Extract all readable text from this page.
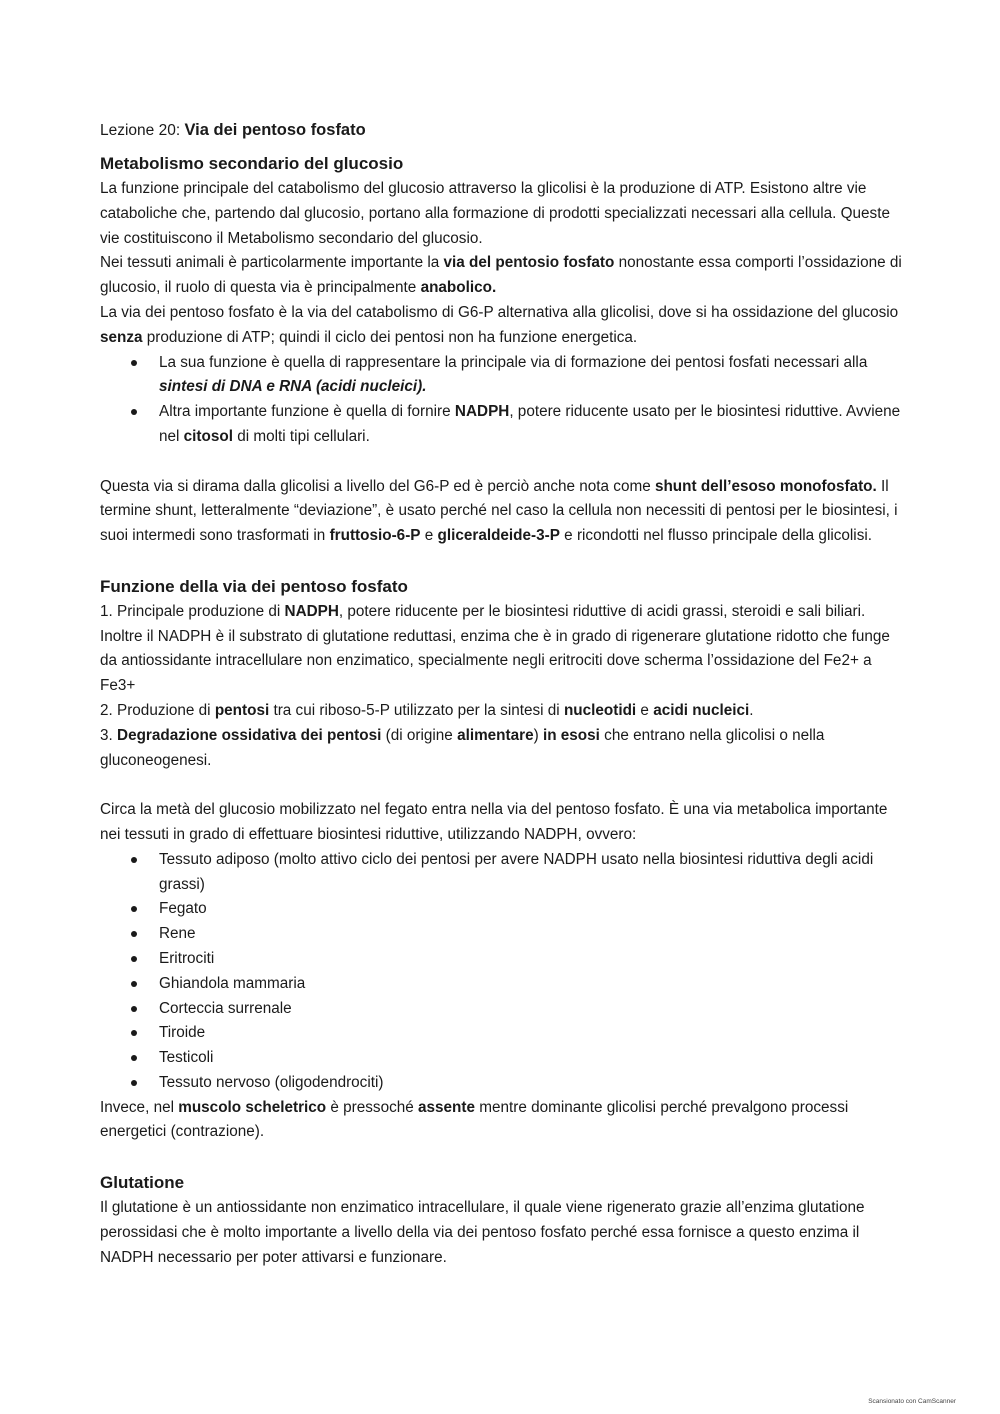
Lezione 20: Via dei pentoso fosfato
Metabolismo secondario del glucosio

La funzione principale del catabolismo del glucosio attraverso la glicolisi è la produzione di ATP. Esistono altre vie cataboliche che, partendo dal glucosio, portano alla formazione di prodotti specializzati necessari alla cellula. Queste vie costituiscono il Metabolismo secondario del glucosio.

Nei tessuti animali è particolarmente importante la via del pentosio fosfato nonostante essa comporti l’ossidazione di glucosio, il ruolo di questa via è principalmente anabolico.

La via dei pentoso fosfato è la via del catabolismo di G6-P alternativa alla glicolisi, dove si ha ossidazione del glucosio senza produzione di ATP; quindi il ciclo dei pentosi non ha funzione energetica.

La sua funzione è quella di rappresentare la principale via di formazione dei pentosi fosfati necessari alla sintesi di DNA e RNA (acidi nucleici).
Altra importante funzione è quella di fornire NADPH, potere riducente usato per le biosintesi riduttive. Avviene nel citosol di molti tipi cellulari.

Questa via si dirama dalla glicolisi a livello del G6-P ed è perciò anche nota come shunt dell’esoso monofosfato. Il termine shunt, letteralmente “deviazione”, è usato perché nel caso la cellula non necessiti di pentosi per le biosintesi, i suoi intermedi sono trasformati in fruttosio-6-P e gliceraldeide-3-P e ricondotti nel flusso principale della glicolisi.

Funzione della via dei pentoso fosfato

1. Principale produzione di NADPH, potere riducente per le biosintesi riduttive di acidi grassi, steroidi e sali biliari. Inoltre il NADPH è il substrato di glutatione reduttasi, enzima che è in grado di rigenerare glutatione ridotto che funge da antiossidante intracellulare non enzimatico, specialmente negli eritrociti dove scherma l’ossidazione del Fe2+ a Fe3+

2. Produzione di pentosi tra cui riboso-5-P utilizzato per la sintesi di nucleotidi e acidi nucleici.

3. Degradazione ossidativa dei pentosi (di origine alimentare) in esosi che entrano nella glicolisi o nella gluconeogenesi.

Circa la metà del glucosio mobilizzato nel fegato entra nella via del pentoso fosfato. È una via metabolica importante nei tessuti in grado di effettuare biosintesi riduttive, utilizzando NADPH, ovvero:

Tessuto adiposo (molto attivo ciclo dei pentosi per avere NADPH usato nella biosintesi riduttiva degli acidi grassi)
Fegato
Rene
Eritrociti
Ghiandola mammaria
Corteccia surrenale
Tiroide
Testicoli
Tessuto nervoso (oligodendrociti)

Invece, nel muscolo scheletrico è pressoché assente mentre dominante glicolisi perché prevalgono processi energetici (contrazione).

Glutatione

Il glutatione è un antiossidante non enzimatico intracellulare, il quale viene rigenerato grazie all’enzima glutatione perossidasi che è molto importante a livello della via dei pentoso fosfato perché essa fornisce a questo enzima il NADPH necessario per poter attivarsi e funzionare.

Scansionato con CamScanner
